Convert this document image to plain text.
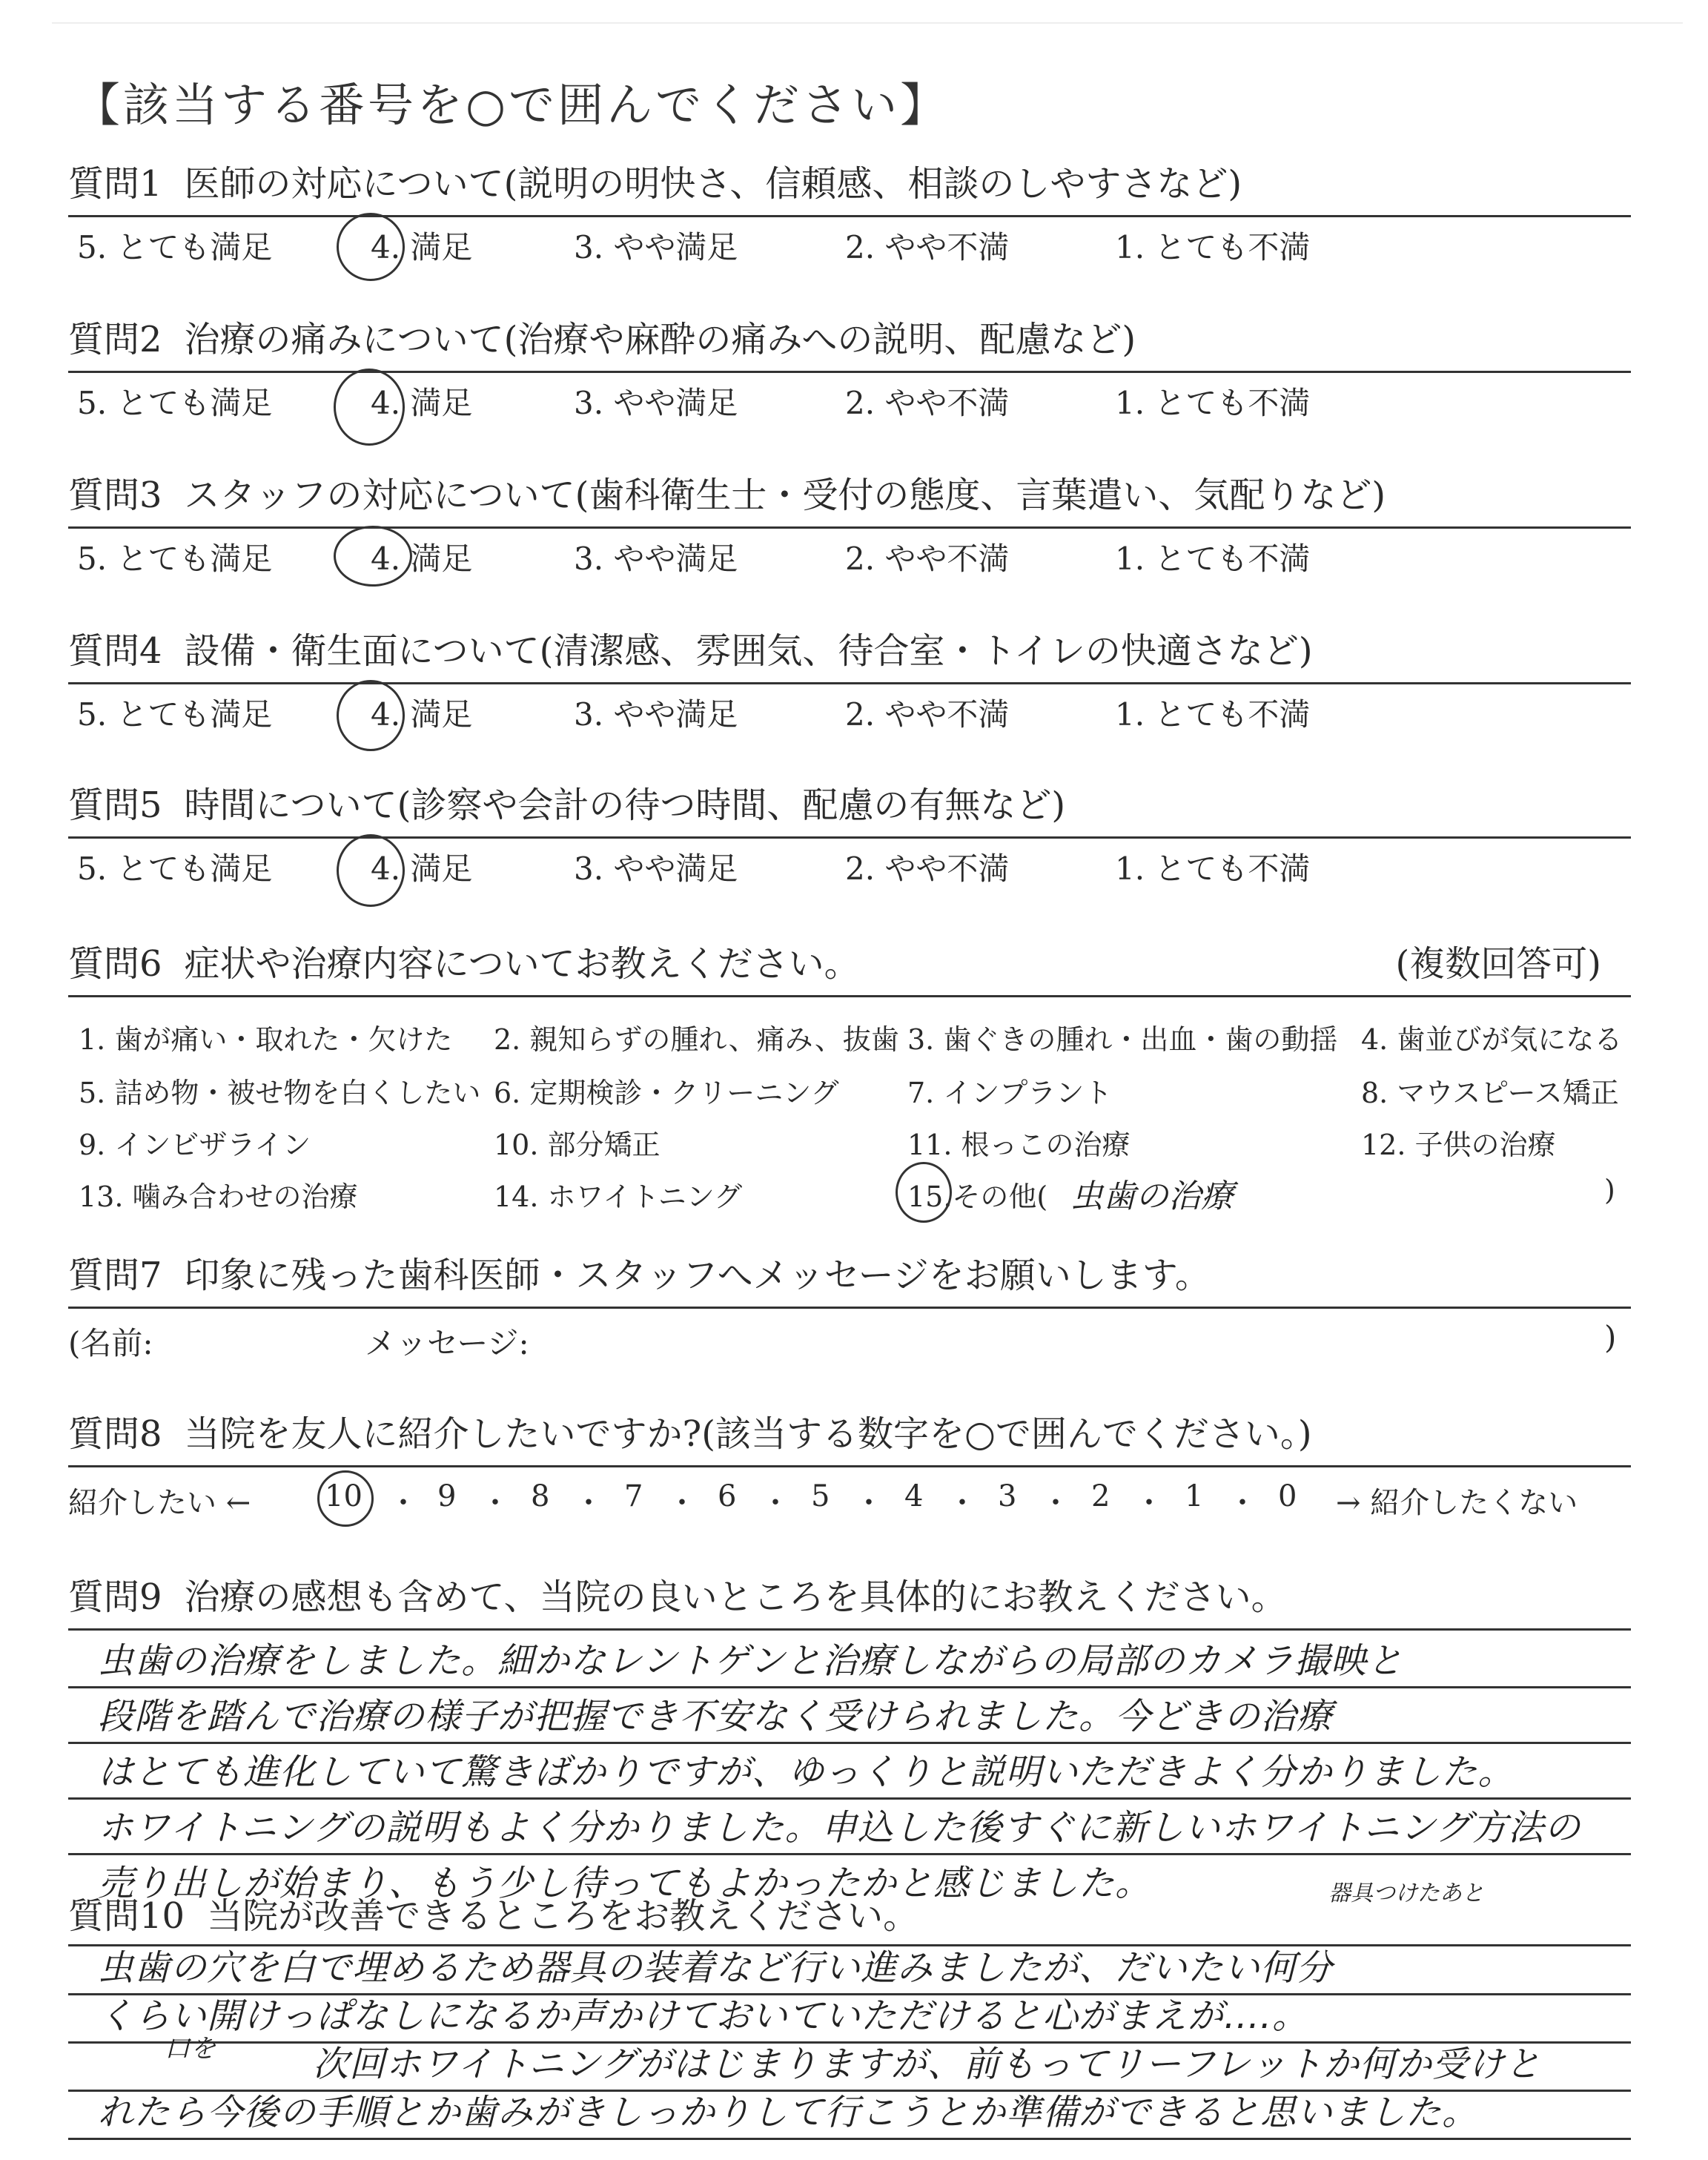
【該当する番号を○で囲んでください】
質問1 医師の対応について(説明の明快さ、信頼感、相談のしやすさなど)
5. とても満足	4. 満足	3. やや満足	2. やや不満	1. とても不満
質問2 治療の痛みについて(治療や麻酔の痛みへの説明、配慮など)
5. とても満足	4. 満足	3. やや満足	2. やや不満	1. とても不満
質問3 スタッフの対応について(歯科衛生士・受付の態度、言葉遣い、気配りなど)
5. とても満足	4. 満足	3. やや満足	2. やや不満	1. とても不満
質問4 設備・衛生面について(清潔感、雰囲気、待合室・トイレの快適さなど)
5. とても満足	4. 満足	3. やや満足	2. やや不満	1. とても不満
質問5 時間について(診察や会計の待つ時間、配慮の有無など)
5. とても満足	4. 満足	3. やや満足	2. やや不満	1. とても不満
質問6 症状や治療内容についてお教えください。	(複数回答可)
1. 歯が痛い・取れた・欠けた 2. 親知らずの腫れ、痛み、抜歯 3. 歯ぐきの腫れ・出血・歯の動揺 4. 歯並びが気になる
5. 詰め物・被せ物を白くしたい 6. 定期検診・クリーニング 7. インプラント	8. マウスピース矯正
9. インビザライン	10. 部分矯正	11. 根っこの治療	12. 子供の治療
13. 噛み合わせの治療	14. ホワイトニング	15.その他( 虫歯の治療	)
質問7 印象に残った歯科医師・スタッフへメッセージをお願いします。
(名前:	メッセージ:	)
質問8 当院を友人に紹介したいですか?(該当する数字を○で囲んでください。)
紹介したい ← 10 ・ 9 ・ 8 ・ 7 ・ 6 ・ 5 ・ 4 ・ 3 ・ 2 ・ 1 ・ 0 → 紹介したくない
質問9 治療の感想も含めて、当院の良いところを具体的にお教えください。
虫歯の治療をしました。細かなレントゲンと治療しながらの局部のカメラ撮映と
段階を踏んで治療の様子が把握でき不安なく受けられました。今どきの治療
はとても進化していて驚きばかりですが、ゆっくりと説明いただきよく分かりました。
ホワイトニングの説明もよく分かりました。申込した後すぐに新しいホワイトニング方法の
売り出しが始まり、もう少し待ってもよかったかと感じました。
質問10 当院が改善できるところをお教えください。
器具つけたあと
虫歯の穴を白で埋めるため器具の装着など行い進みましたが、だいたい何分
くらい開けっぱなしになるか声かけておいていただけると心がまえが....。
口を	次回ホワイトニングがはじまりますが、前もってリーフレットか何か受けと
れたら今後の手順とか歯みがきしっかりして行こうとか準備ができると思いました。
